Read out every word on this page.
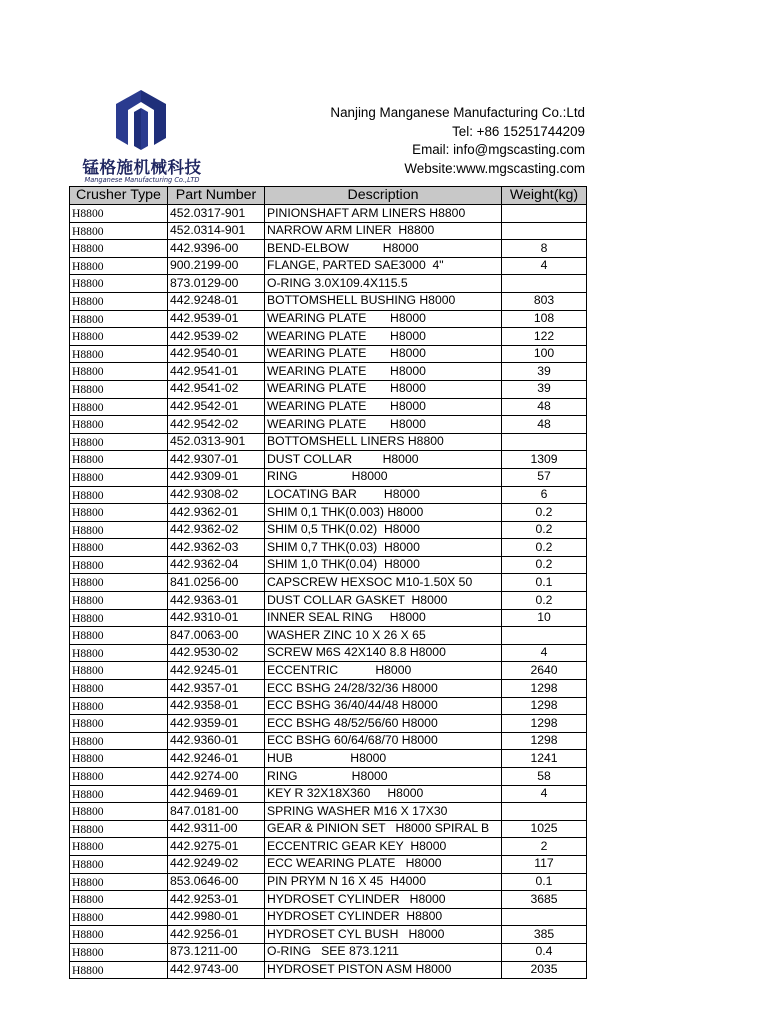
锰格施机械科技
Manganese Manufacturing Co.,LTD
Nanjing Manganese Manufacturing Co.:Ltd
Tel: +86 15251744209
Email: info@mgscasting.com
Website:www.mgscasting.com
Crusher Type	Part Number	Description	Weight(kg)
H8800	452.0317-901	PINIONSHAFT ARM LINERS H8800	
H8800	452.0314-901	NARROW ARM LINER  H8800	
H8800	442.9396-00	BEND-ELBOW          H8000	8
H8800	900.2199-00	FLANGE, PARTED SAE3000  4"	4
H8800	873.0129-00	O-RING 3.0X109.4X115.5	
H8800	442.9248-01	BOTTOMSHELL BUSHING H8000	803
H8800	442.9539-01	WEARING PLATE       H8000	108
H8800	442.9539-02	WEARING PLATE       H8000	122
H8800	442.9540-01	WEARING PLATE       H8000	100
H8800	442.9541-01	WEARING PLATE       H8000	39
H8800	442.9541-02	WEARING PLATE       H8000	39
H8800	442.9542-01	WEARING PLATE       H8000	48
H8800	442.9542-02	WEARING PLATE       H8000	48
H8800	452.0313-901	BOTTOMSHELL LINERS H8800	
H8800	442.9307-01	DUST COLLAR         H8000	1309
H8800	442.9309-01	RING                H8000	57
H8800	442.9308-02	LOCATING BAR        H8000	6
H8800	442.9362-01	SHIM 0,1 THK(0.003) H8000	0.2
H8800	442.9362-02	SHIM 0,5 THK(0.02)  H8000	0.2
H8800	442.9362-03	SHIM 0,7 THK(0.03)  H8000	0.2
H8800	442.9362-04	SHIM 1,0 THK(0.04)  H8000	0.2
H8800	841.0256-00	CAPSCREW HEXSOC M10-1.50X 50	0.1
H8800	442.9363-01	DUST COLLAR GASKET  H8000	0.2
H8800	442.9310-01	INNER SEAL RING     H8000	10
H8800	847.0063-00	WASHER ZINC 10 X 26 X 65	
H8800	442.9530-02	SCREW M6S 42X140 8.8 H8000	4
H8800	442.9245-01	ECCENTRIC           H8000	2640
H8800	442.9357-01	ECC BSHG 24/28/32/36 H8000	1298
H8800	442.9358-01	ECC BSHG 36/40/44/48 H8000	1298
H8800	442.9359-01	ECC BSHG 48/52/56/60 H8000	1298
H8800	442.9360-01	ECC BSHG 60/64/68/70 H8000	1298
H8800	442.9246-01	HUB                 H8000	1241
H8800	442.9274-00	RING                H8000	58
H8800	442.9469-01	KEY R 32X18X360     H8000	4
H8800	847.0181-00	SPRING WASHER M16 X 17X30	
H8800	442.9311-00	GEAR & PINION SET   H8000 SPIRAL B	1025
H8800	442.9275-01	ECCENTRIC GEAR KEY  H8000	2
H8800	442.9249-02	ECC WEARING PLATE   H8000	117
H8800	853.0646-00	PIN PRYM N 16 X 45  H4000	0.1
H8800	442.9253-01	HYDROSET CYLINDER   H8000	3685
H8800	442.9980-01	HYDROSET CYLINDER  H8800	
H8800	442.9256-01	HYDROSET CYL BUSH   H8000	385
H8800	873.1211-00	O-RING   SEE 873.1211	0.4
H8800	442.9743-00	HYDROSET PISTON ASM H8000	2035
